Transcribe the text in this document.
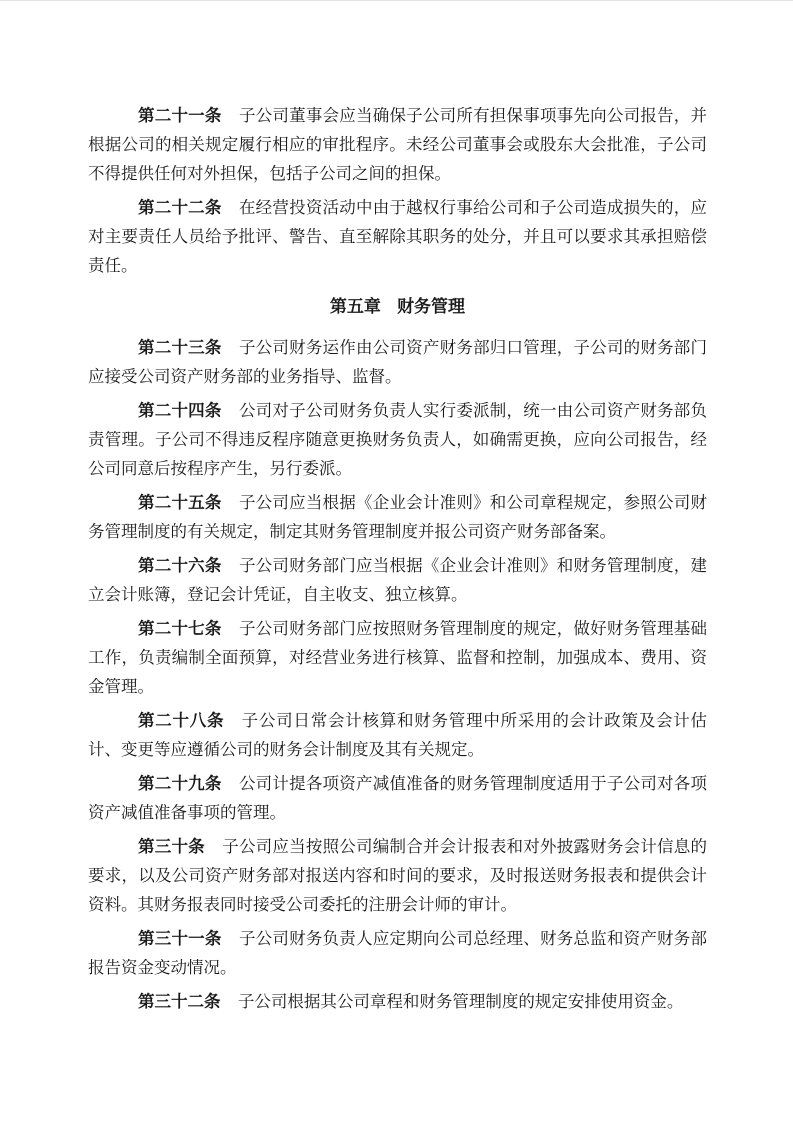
第二十一条 子公司董事会应当确保子公司所有担保事项事先向公司报告，并根据公司的相关规定履行相应的审批程序。未经公司董事会或股东大会批准，子公司不得提供任何对外担保，包括子公司之间的担保。

第二十二条 在经营投资活动中由于越权行事给公司和子公司造成损失的，应对主要责任人员给予批评、警告、直至解除其职务的处分，并且可以要求其承担赔偿责任。

第五章 财务管理

第二十三条 子公司财务运作由公司资产财务部归口管理，子公司的财务部门应接受公司资产财务部的业务指导、监督。

第二十四条 公司对子公司财务负责人实行委派制，统一由公司资产财务部负责管理。子公司不得违反程序随意更换财务负责人，如确需更换，应向公司报告，经公司同意后按程序产生，另行委派。

第二十五条 子公司应当根据《企业会计准则》和公司章程规定，参照公司财务管理制度的有关规定，制定其财务管理制度并报公司资产财务部备案。

第二十六条 子公司财务部门应当根据《企业会计准则》和财务管理制度，建立会计账簿，登记会计凭证，自主收支、独立核算。

第二十七条 子公司财务部门应按照财务管理制度的规定，做好财务管理基础工作，负责编制全面预算，对经营业务进行核算、监督和控制，加强成本、费用、资金管理。

第二十八条 子公司日常会计核算和财务管理中所采用的会计政策及会计估计、变更等应遵循公司的财务会计制度及其有关规定。

第二十九条 公司计提各项资产减值准备的财务管理制度适用于子公司对各项资产减值准备事项的管理。

第三十条 子公司应当按照公司编制合并会计报表和对外披露财务会计信息的要求，以及公司资产财务部对报送内容和时间的要求，及时报送财务报表和提供会计资料。其财务报表同时接受公司委托的注册会计师的审计。

第三十一条 子公司财务负责人应定期向公司总经理、财务总监和资产财务部报告资金变动情况。

第三十二条 子公司根据其公司章程和财务管理制度的规定安排使用资金。
